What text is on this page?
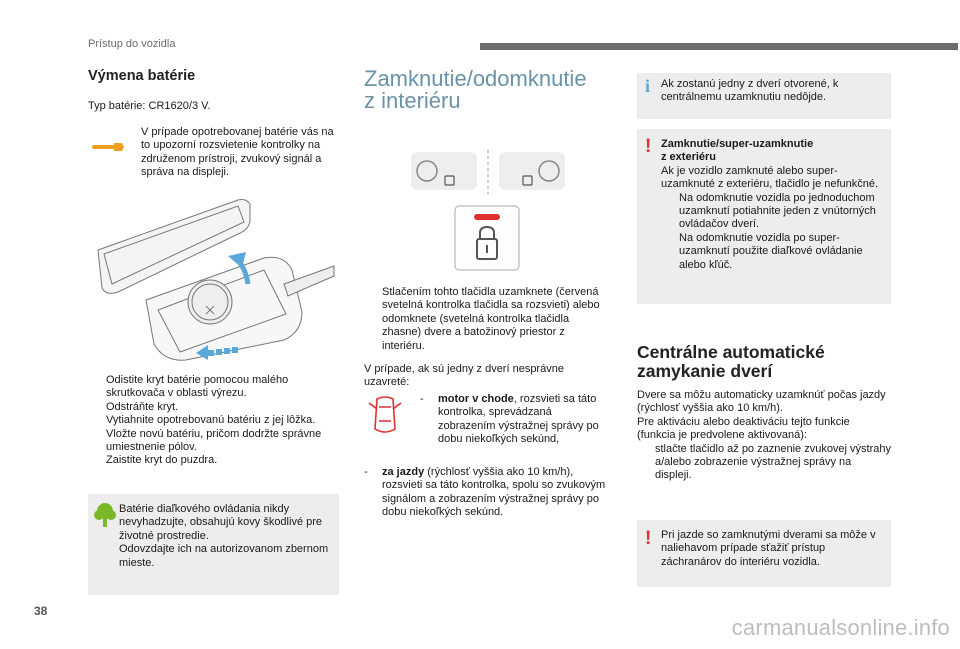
Prístup do vozidla
Výmena batérie
Typ batérie: CR1620/3 V.
V prípade opotrebovanej batérie vás na to upozorní rozsvietenie kontrolky na združenom prístroji, zvukový signál a správa na displeji.
Odistite kryt batérie pomocou malého skrutkovača v oblasti výrezu.
Odstráňte kryt.
Vytiahnite opotrebovanú batériu z jej lôžka.
Vložte novú batériu, pričom dodržte správne umiestnenie pólov.
Zaistite kryt do puzdra.
Batérie diaľkového ovládania nikdy nevyhadzujte, obsahujú kovy škodlivé pre životné prostredie.
Odovzdajte ich na autorizovanom zbernom mieste.
Zamknutie/odomknutie
z interiéru
Stlačením tohto tlačidla uzamknete (červená svetelná kontrolka tlačidla sa rozsvieti) alebo odomknete (svetelná kontrolka tlačidla zhasne) dvere a batožinový priestor z interiéru.
V prípade, ak sú jedny z dverí nesprávne uzavreté:
- motor v chode, rozsvieti sa táto kontrolka, sprevádzaná zobrazením výstražnej správy po dobu niekoľkých sekúnd,
- za jazdy (rýchlosť vyššia ako 10 km/h), rozsvieti sa táto kontrolka, spolu so zvukovým signálom a zobrazením výstražnej správy po dobu niekoľkých sekúnd.
i Ak zostanú jedny z dverí otvorené, k centrálnemu uzamknutiu nedôjde.
! Zamknutie/super-uzamknutie
z exteriéru
Ak je vozidlo zamknuté alebo super-uzamknuté z exteriéru, tlačidlo je nefunkčné.
Na odomknutie vozidla po jednoduchom uzamknutí potiahnite jeden z vnútorných ovládačov dverí.
Na odomknutie vozidla po super-uzamknutí použite diaľkové ovládanie alebo kľúč.
Centrálne automatické
zamykanie dverí
Dvere sa môžu automaticky uzamknúť počas jazdy (rýchlosť vyššia ako 10 km/h).
Pre aktiváciu alebo deaktiváciu tejto funkcie (funkcia je predvolene aktivovaná):
stlačte tlačidlo až po zaznenie zvukovej výstrahy a/alebo zobrazenie výstražnej správy na displeji.
! Pri jazde so zamknutými dverami sa môže v naliehavom prípade sťažiť prístup záchranárov do interiéru vozidla.
38
carmanualsonline.info
